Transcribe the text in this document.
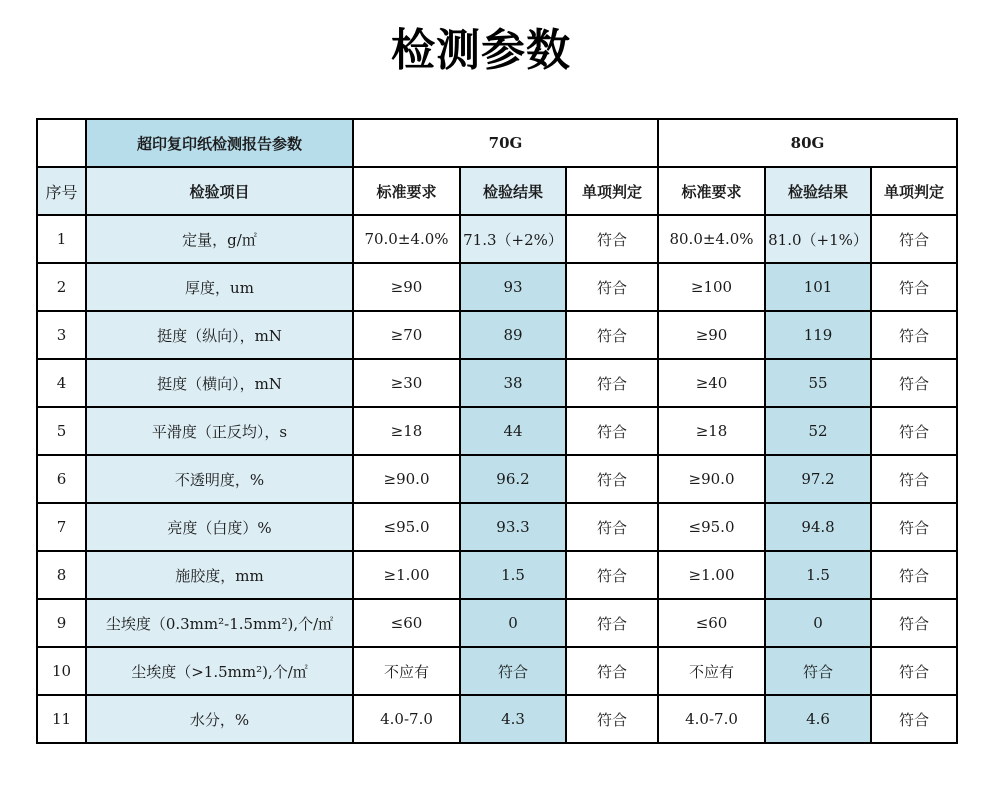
检测参数
	超印复印纸检测报告参数	70G			80G		
序号	检验项目	标准要求	检验结果	单项判定	标准要求	检验结果	单项判定
1	定量，g/㎡	70.0±4.0%	71.3（+2%）	符合	80.0±4.0%	81.0（+1%）	符合
2	厚度，um	≥90	93	符合	≥100	101	符合
3	挺度（纵向），mN	≥70	89	符合	≥90	119	符合
4	挺度（横向），mN	≥30	38	符合	≥40	55	符合
5	平滑度（正反均），s	≥18	44	符合	≥18	52	符合
6	不透明度，%	≥90.0	96.2	符合	≥90.0	97.2	符合
7	亮度（白度）%	≤95.0	93.3	符合	≤95.0	94.8	符合
8	施胶度，mm	≥1.00	1.5	符合	≥1.00	1.5	符合
9	尘埃度（0.3mm²-1.5mm²),个/㎡	≤60	0	符合	≤60	0	符合
10	尘埃度（>1.5mm²),个/㎡	不应有	符合	符合	不应有	符合	符合
11	水分，%	4.0-7.0	4.3	符合	4.0-7.0	4.6	符合
